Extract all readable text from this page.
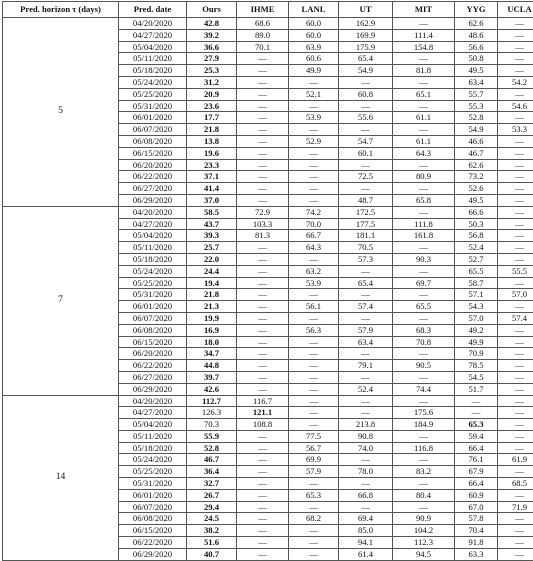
Pred. horizon τ (days)	Pred. date	Ours	IHME	LANL	UT	MIT	YYG	UCLA
5	04/20/2020	42.8	68.6	60.0	162.9	—	62.6	—
	04/27/2020	39.2	89.0	60.0	169.9	111.4	48.6	—
	05/04/2020	36.6	70.1	63.9	175.9	154.8	56.6	—
	05/11/2020	27.9	—	60.6	65.4	—	50.8	—
	05/18/2020	25.3	—	49.9	54.9	81.8	49.5	—
	05/24/2020	31.2	—	—	—	—	63.4	54.2
	05/25/2020	20.9	—	52.1	60.8	65.1	55.7	—
	05/31/2020	23.6	—	—	—	—	55.3	54.6
	06/01/2020	17.7	—	53.9	55.6	61.1	52.8	—
	06/07/2020	21.8	—	—	—	—	54.9	53.3
	06/08/2020	13.8	—	52.9	54.7	61.1	46.6	—
	06/15/2020	19.6	—	—	60.1	64.3	46.7	—
	06/20/2020	23.3	—	—	—	—	62.6	—
	06/22/2020	37.1	—	—	72.5	80.9	73.2	—
	06/27/2020	41.4	—	—	—	—	52.6	—
	06/29/2020	37.0	—	—	48.7	65.8	49.5	—
7	04/20/2020	58.5	72.9	74.2	172.5	—	66.6	—
	04/27/2020	43.7	103.3	70.0	177.5	111.8	50.3	—
	05/04/2020	39.3	81.3	66.7	181.1	161.8	56.8	—
	05/11/2020	25.7	—	64.3	70.5	—	52.4	—
	05/18/2020	22.0	—	—	57.3	90.3	52.7	—
	05/24/2020	24.4	—	63.2	—	—	65.5	55.5
	05/25/2020	19.4	—	53.9	65.4	69.7	58.7	—
	05/31/2020	21.8	—	—	—	—	57.1	57.0
	06/01/2020	21.3	—	56.1	57.4	65.5	54.3	—
	06/07/2020	19.9	—	—	—	—	57.0	57.4
	06/08/2020	16.9	—	56.3	57.9	68.3	49.2	—
	06/15/2020	18.0	—	—	63.4	70.8	49.9	—
	06/20/2020	34.7	—	—	—	—	70.9	—
	06/22/2020	44.8	—	—	79.1	90.5	78.5	—
	06/27/2020	39.7	—	—	—	—	54.5	—
	06/29/2020	42.6	—	—	52.4	74.4	51.7	—
14	04/20/2020	112.7	116.7	—	—	—	—	—
	04/27/2020	126.3	121.1	—	—	175.6	—	—
	05/04/2020	70.3	108.8	—	213.8	184.9	65.3	—
	05/11/2020	55.9	—	77.5	90.8	—	59.4	—
	05/18/2020	52.8	—	56.7	74.0	116.8	66.4	—
	05/24/2020	46.7	—	69.9	—	—	76.1	61.9
	05/25/2020	36.4	—	57.9	78.0	83.2	67.9	—
	05/31/2020	32.7	—	—	—	—	66.4	68.5
	06/01/2020	26.7	—	65.3	66.8	80.4	60.9	—
	06/07/2020	29.4	—	—	—	—	67.0	71.9
	06/08/2020	24.5	—	68.2	69.4	90.9	57.8	—
	06/15/2020	38.2	—	—	85.0	104.2	70.4	—
	06/22/2020	51.6	—	—	94.1	112.3	91.8	—
	06/29/2020	40.7	—	—	61.4	94.5	63.3	—
